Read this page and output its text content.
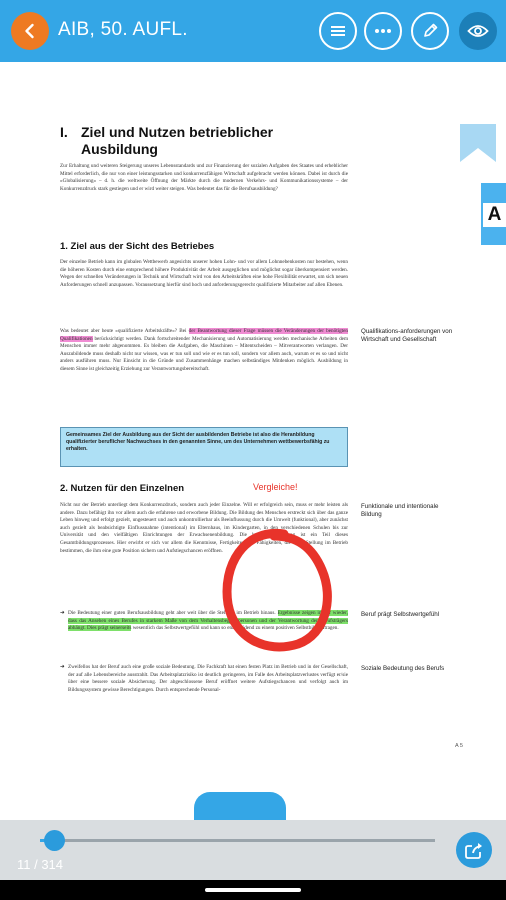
AIB, 50. AUFL.
I. Ziel und Nutzen betrieblicher Ausbildung
Zur Erhaltung und weiteren Steigerung unseres Lebensstandards und zur Finanzierung der sozialen Aufgaben des Staates und erheblicher Mittel erforderlich, die nur von einer leistungsstarken und konkurrenzfähigen Wirtschaft aufgebracht werden können. Dabei ist durch die »Globalisierung« – d. h. die weltweite Öffnung der Märkte durch die modernen Verkehrs- und Kommunikationssysteme – der Konkurrenzdruck stark gestiegen und er wird weiter steigen. Was bedeutet das für die Berufsausbildung?
1. Ziel aus der Sicht des Betriebes
Der einzelne Betrieb kann im globalen Wettbewerb angesichts unserer hohen Lohn- und vor allem Lohnnebenkosten nur bestehen, wenn die höheren Kosten durch eine entsprechend höhere Produktivität der Arbeit ausgeglichen und möglichst sogar überkompensiert werden. Wegen der schnellen Veränderungen in Technik und Wirtschaft wird von den Arbeitskräften eine hohe Flexibilität erwartet, um sich neuen Anforderungen schnell anzupassen. Voraussetzung hierfür sind hoch und anforderungsgerecht qualifizierte Mitarbeiter auf allen Ebenen.
Was bedeutet aber heute »qualifizierte Arbeitskräfte«? Bei der Beantwortung dieser Frage müssen die Veränderungen der benötigten Qualifikationen berücksichtigt werden. Dank fortschreitender Mechanisierung und Automatisierung werden mechanische Arbeiten dem Menschen immer mehr abgenommen. Es bleiben die Aufgaben, die Maschinen – Mitentscheiden – Mitverantworten verlangen. Der Auszubildende muss deshalb nicht nur wissen, was er tun soll und wie er es tun soll, sondern vor allem auch, warum er es so und nicht anders ausführen muss. Nur Einsicht in die Gründe und Zusammenhänge machen selbständiges Mitdenken möglich. Ausbildung in diesem Sinne ist gleichzeitig Erziehung zur Verantwortungsbereitschaft.
Gemeinsames Ziel der Ausbildung aus der Sicht der ausbildenden Betriebe ist also die Heranbildung qualifizierter beruflicher Nachwuchses in den genannten Sinne, um des Unternehmen wettbewerbsfähig zu erhalten.
2. Nutzen für den Einzelnen	Vergleiche!
Nicht nur der Betrieb unterliegt dem Konkurrenzdruck, sondern auch jeder Einzelne. Will er erfolgreich sein, muss er mehr leisten als andere. Dazu befähigt ihn vor allem auch die erfahrene und erworbene Bildung. Die Bildung des Menschen erstreckt sich über das ganze Leben hinweg und erfolgt gezielt, ungesteuert und auch unkontrollierbar als Beeinflussung durch die Umwelt (funktional), aber zunächst auch gezielt als beabsichtigte Einflussnahme (intentional) im Elternhaus, im Kindergarten, in den verschiedenen Schulen bis zur Universität und den vielfältigen Einrichtungen der Erwachsenenbildung. Die berufliche Bildung ist ein Teil dieses Gesamtbildungsprozesses. Hier erwirbt er sich vor allem die Kenntnisse, Fertigkeiten und Fähigkeiten, die seine Stellung im Betrieb bestimmen, die ihm eine gute Position sichern und Aufstiegschancen eröffnen.
➜ Die Bedeutung einer guten Berufsausbildung geht aber weit über die Stellung im Betrieb hinaus. Ergebnisse zeigen immer wieder, dass das Ansehen eines Berufes in starkem Maße von dem Verhaltensbegriffspersonen und der Verantwortung der Berufsträgers abhängt. Dies prägt seinerseits wesentlich das Selbstwertgefühl und kann so entscheidend zu einem positiven Selbstbild beitragen.
➜ Zweifellos hat der Beruf auch eine große soziale Bedeutung. Die Fachkraft hat einen festen Platz im Betrieb und in der Gesellschaft, der auf alle Lebensbereiche ausstrahlt. Das Arbeitsplatzrisiko ist deutlich geringeren, im Falle des Arbeitsplatzverlustes verfügt er/sie über eine bessere soziale Absicherung. Der abgeschlossene Beruf eröffnet weitere Aufstiegschancen und verfolgt auch im Bildungssystem gewisse Berechtigungen. Durch entsprechende Personal-
Qualifikations-anforderungen von Wirtschaft und Gesellschaft
Funktionale und intentionale Bildung
Beruf prägt Selbstwertgefühl
Soziale Bedeutung des Berufs
A 5
A
11 / 314
